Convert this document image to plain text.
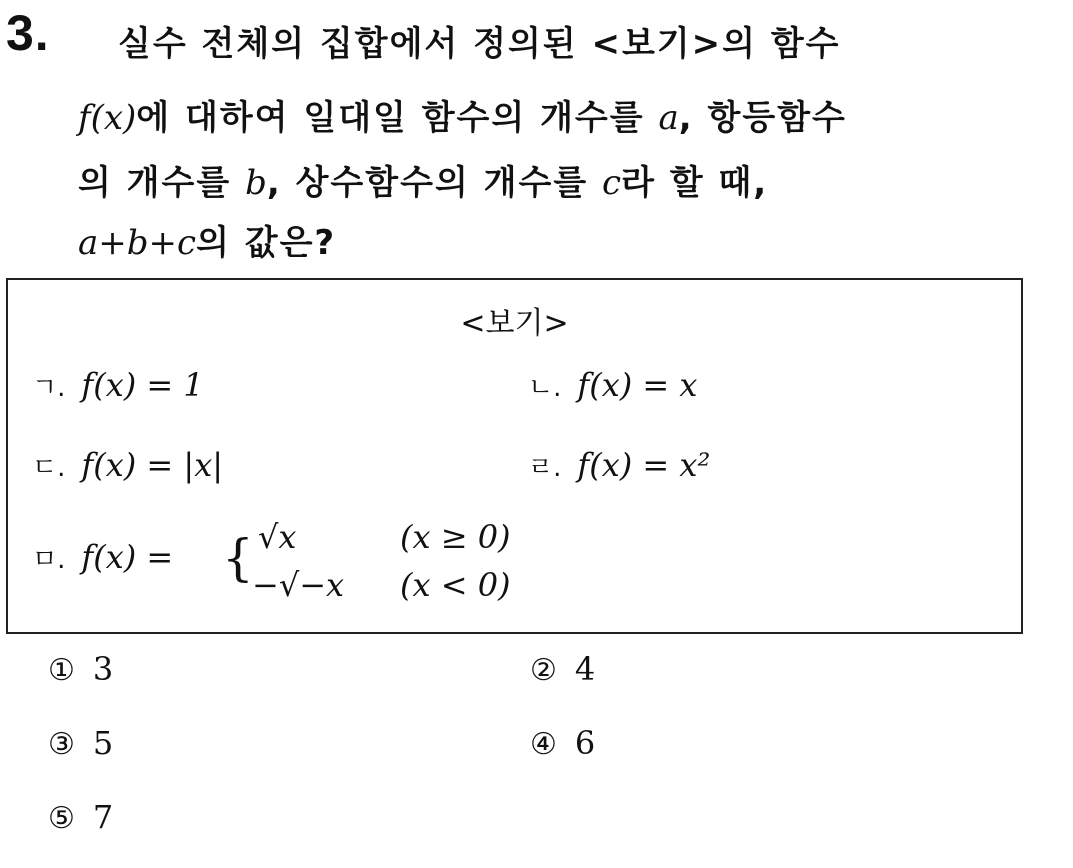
3. 실수 전체의 집합에서 정의된 <보기>의 함수
f(x)에 대하여 일대일 함수의 개수를 a, 항등함수
의 개수를 b, 상수함수의 개수를 c라 할 때,
a+b+c의 값은?
<보기>
ㄱ. f(x) = 1	ㄴ. f(x) = x
ㄷ. f(x) = |x|	ㄹ. f(x) = x²
ㅁ. f(x) = { √x	(x ≥ 0)
−√−x (x < 0)
① 3	② 4
③ 5	④ 6
⑤ 7
